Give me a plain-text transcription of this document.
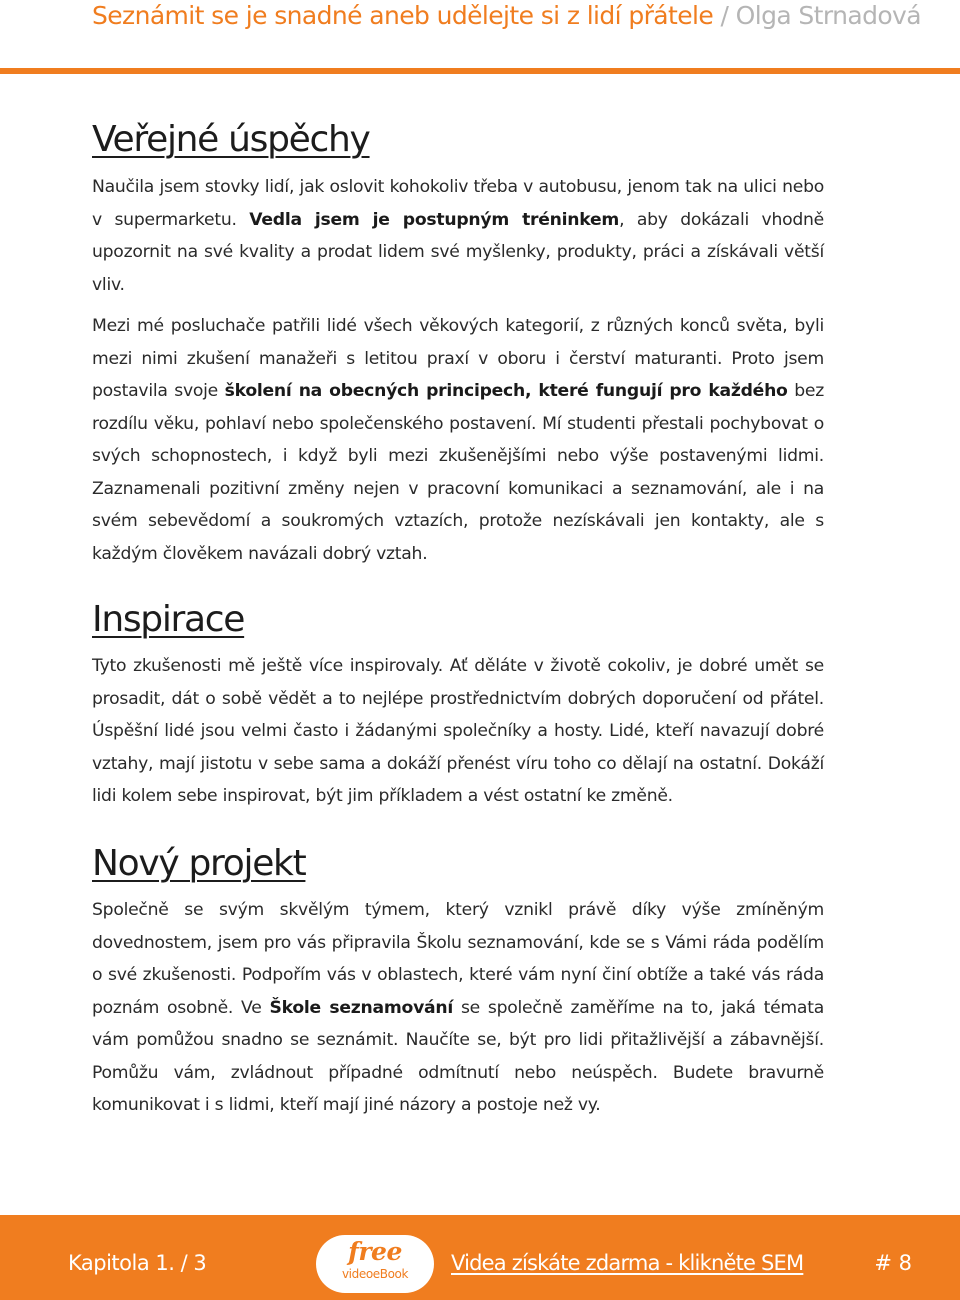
Seznámit se je snadné aneb udělejte si z lidí přátele / Olga Strnadová
Veřejné úspěchy
Naučila jsem stovky lidí, jak oslovit kohokoliv třeba v autobusu, jenom tak na ulici nebo v supermarketu. Vedla jsem je postupným tréninkem, aby dokázali vhodně upozornit na své kvality a prodat lidem své myšlenky, produkty, práci a získávali větší vliv.
Mezi mé posluchače patřili lidé všech věkových kategorií, z různých konců světa, byli mezi nimi zkušení manažeři s letitou praxí v oboru i čerství maturanti. Proto jsem postavila svoje školení na obecných principech, které fungují pro každého bez rozdílu věku, pohlaví nebo společenského postavení. Mí studenti přestali pochybovat o svých schopnostech, i když byli mezi zkušenějšími nebo výše postavenými lidmi. Zaznamenali pozitivní změny nejen v pracovní komunikaci a seznamování, ale i na svém sebevědomí a soukromých vztazích, protože nezískávali jen kontakty, ale s každým člověkem navázali dobrý vztah.
Inspirace
Tyto zkušenosti mě ještě více inspirovaly. Ať děláte v životě cokoliv, je dobré umět se prosadit, dát o sobě vědět a to nejlépe prostřednictvím dobrých doporučení od přátel. Úspěšní lidé jsou velmi často i žádanými společníky a hosty. Lidé, kteří navazují dobré vztahy, mají jistotu v sebe sama a dokáží přenést víru toho co dělají na ostatní. Dokáží lidi kolem sebe inspirovat, být jim příkladem a vést ostatní ke změně.
Nový projekt
Společně se svým skvělým týmem, který vznikl právě díky výše zmíněným dovednostem, jsem pro vás připravila Školu seznamování, kde se s Vámi ráda podělím o své zkušenosti. Podpořím vás v oblastech, které vám nyní činí obtíže a také vás ráda poznám osobně. Ve Škole seznamování se společně zaměříme na to, jaká témata vám pomůžou snadno se seznámit. Naučíte se, být pro lidi přitažlivější a zábavnější. Pomůžu vám, zvládnout případné odmítnutí nebo neúspěch. Budete bravurně komunikovat i s lidmi, kteří mají jiné názory a postoje než vy.
Kapitola 1. / 3	free
videoeBook	Videa získáte zdarma - klikněte SEM	# 8
